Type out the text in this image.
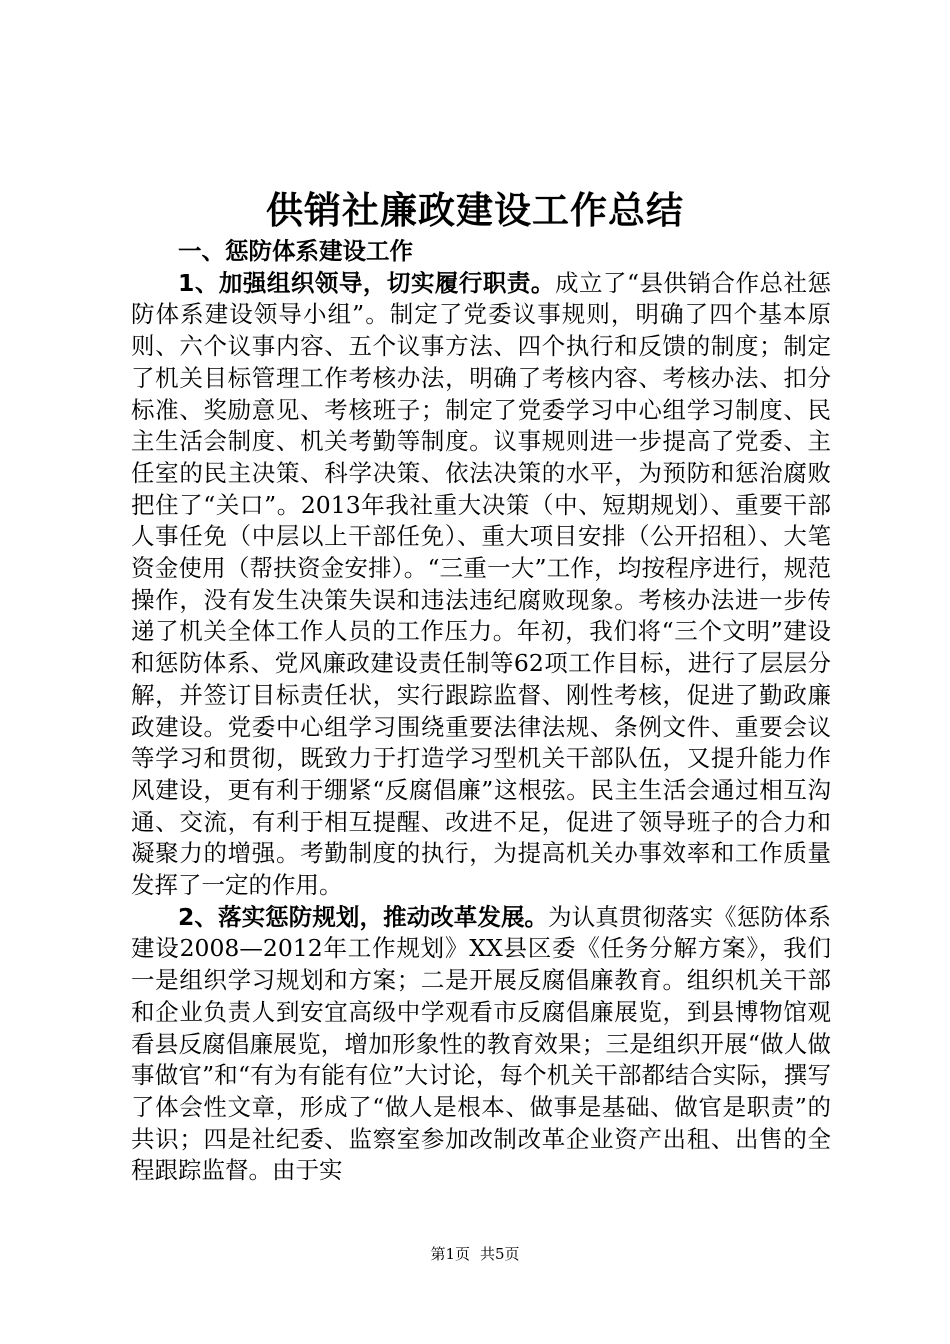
供销社廉政建设工作总结

一、惩防体系建设工作

1、加强组织领导，切实履行职责。成立了“县供销合作总社惩防体系建设领导小组”。制定了党委议事规则，明确了四个基本原则、六个议事内容、五个议事方法、四个执行和反馈的制度；制定了机关目标管理工作考核办法，明确了考核内容、考核办法、扣分标准、奖励意见、考核班子；制定了党委学习中心组学习制度、民主生活会制度、机关考勤等制度。议事规则进一步提高了党委、主任室的民主决策、科学决策、依法决策的水平，为预防和惩治腐败把住了“关口”。2013年我社重大决策（中、短期规划）、重要干部人事任免（中层以上干部任免）、重大项目安排（公开招租）、大笔资金使用（帮扶资金安排）。“三重一大”工作，均按程序进行，规范操作，没有发生决策失误和违法违纪腐败现象。考核办法进一步传递了机关全体工作人员的工作压力。年初，我们将“三个文明”建设和惩防体系、党风廉政建设责任制等62项工作目标，进行了层层分解，并签订目标责任状，实行跟踪监督、刚性考核，促进了勤政廉政建设。党委中心组学习围绕重要法律法规、条例文件、重要会议等学习和贯彻，既致力于打造学习型机关干部队伍，又提升能力作风建设，更有利于绷紧“反腐倡廉”这根弦。民主生活会通过相互沟通、交流，有利于相互提醒、改进不足，促进了领导班子的合力和凝聚力的增强。考勤制度的执行，为提高机关办事效率和工作质量发挥了一定的作用。

2、落实惩防规划，推动改革发展。为认真贯彻落实《惩防体系建设2008—2012年工作规划》XX县区委《任务分解方案》，我们一是组织学习规划和方案；二是开展反腐倡廉教育。组织机关干部和企业负责人到安宜高级中学观看市反腐倡廉展览，到县博物馆观看县反腐倡廉展览，增加形象性的教育效果；三是组织开展“做人做事做官”和“有为有能有位”大讨论，每个机关干部都结合实际，撰写了体会性文章，形成了“做人是根本、做事是基础、做官是职责”的共识；四是社纪委、监察室参加改制改革企业资产出租、出售的全程跟踪监督。由于实

第1页 共5页
